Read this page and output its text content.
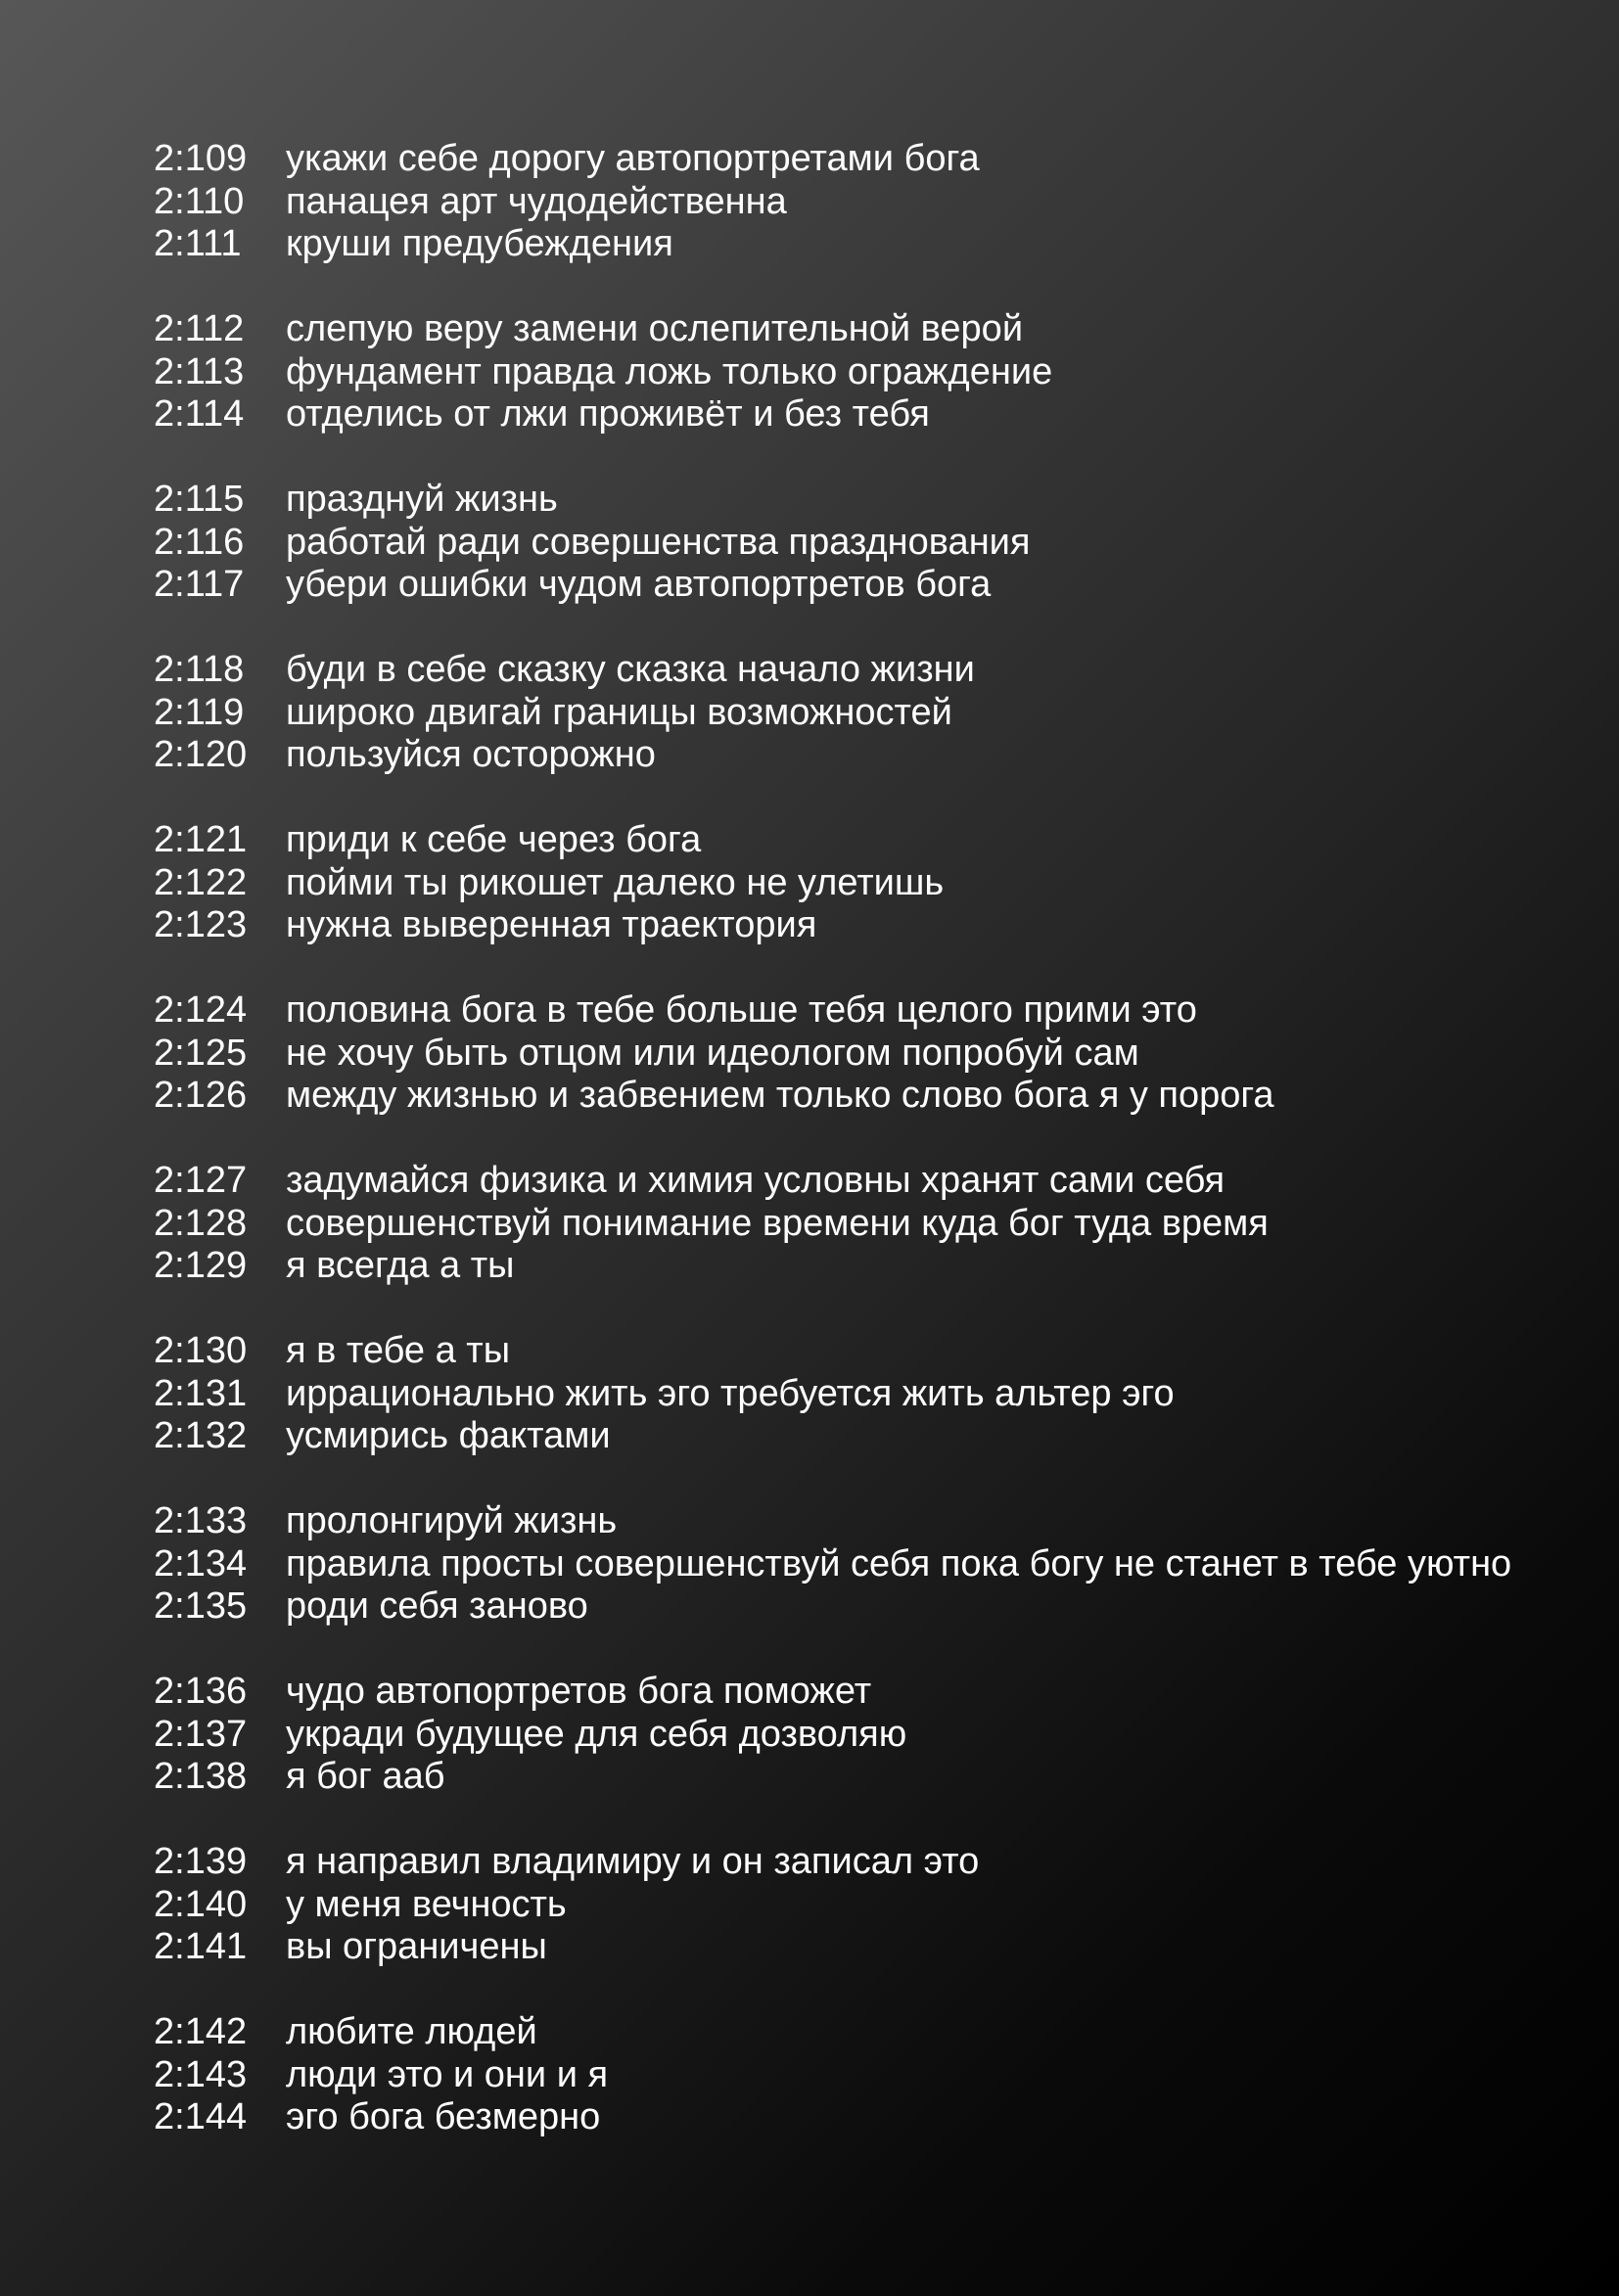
2:109	укажи себе дорогу автопортретами бога
2:110	панацея арт чудодейственна
2:111	круши предубеждения
2:112	слепую веру замени ослепительной верой
2:113	фундамент правда ложь только ограждение
2:114	отделись от лжи проживёт и без тебя
2:115	празднуй жизнь
2:116	работай ради совершенства празднования
2:117	убери ошибки чудом автопортретов бога
2:118	буди в себе сказку сказка начало жизни
2:119	широко двигай границы возможностей
2:120	пользуйся осторожно
2:121	приди к себе через бога
2:122	пойми ты рикошет далеко не улетишь
2:123	нужна выверенная траектория
2:124	половина бога в тебе больше тебя целого прими это
2:125	не хочу быть отцом или идеологом попробуй сам
2:126	между жизнью и забвением только слово бога я у порога
2:127	задумайся физика и химия условны хранят сами себя
2:128	совершенствуй понимание времени куда бог туда время
2:129	я всегда а ты
2:130	я в тебе а ты
2:131	иррационально жить эго требуется жить альтер эго
2:132	усмирись фактами
2:133	пролонгируй жизнь
2:134	правила просты совершенствуй себя пока богу не станет в тебе уютно
2:135	роди себя заново
2:136	чудо автопортретов бога поможет
2:137	укради будущее для себя дозволяю
2:138	я бог ааб
2:139	я направил владимиру и он записал это
2:140	у меня вечность
2:141	вы ограничены
2:142	любите людей
2:143	люди это и они и я
2:144	эго бога безмерно
